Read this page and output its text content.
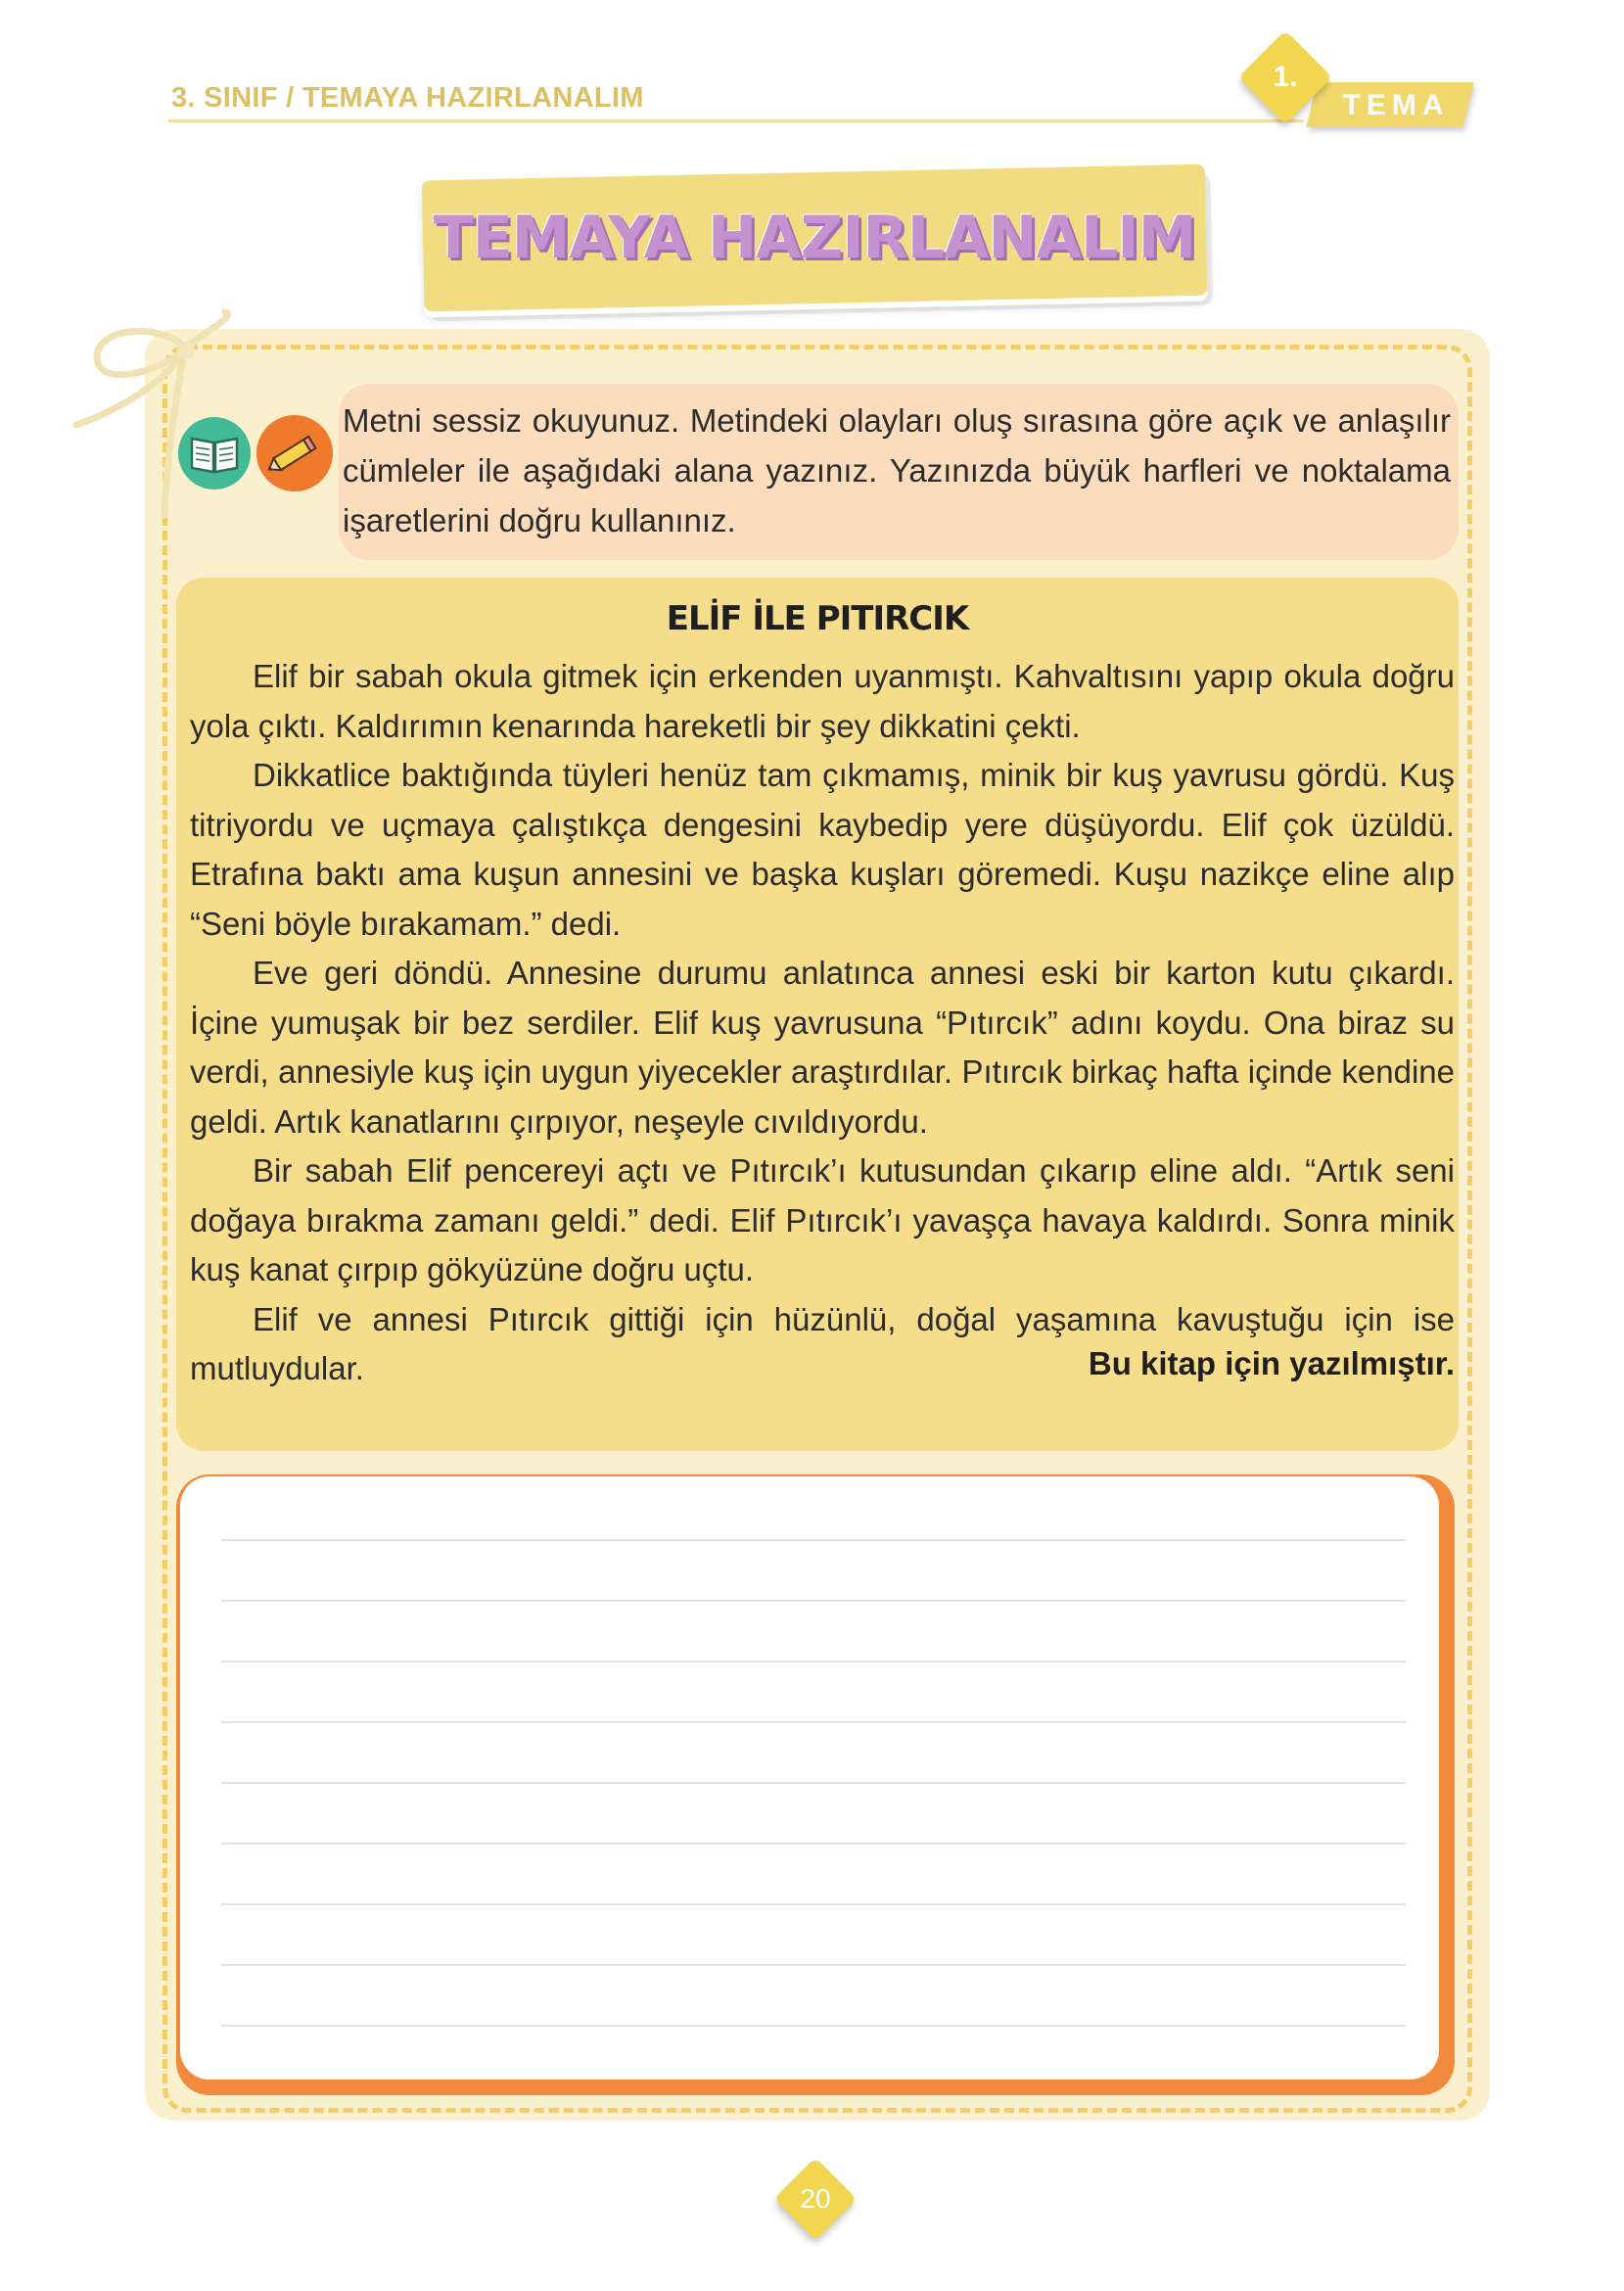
3. SINIF / TEMAYA HAZIRLANALIM	TEMA
1.
TEMAYA HAZIRLANALIM
Metni sessiz okuyunuz. Metindeki olayları oluş sırasına göre açık ve anlaşılır cümleler ile aşağıdaki alana yazınız. Yazınızda büyük harfleri ve noktalama işaretlerini doğru kullanınız.
ELİF İLE PITIRCIK

Elif bir sabah okula gitmek için erkenden uyanmıştı. Kahvaltısını yapıp okula doğru yola çıktı. Kaldırımın kenarında hareketli bir şey dikkatini çekti.

Dikkatlice baktığında tüyleri henüz tam çıkmamış, minik bir kuş yavrusu gördü. Kuş titriyordu ve uçmaya çalıştıkça dengesini kaybedip yere düşüyordu. Elif çok üzüldü. Etrafına baktı ama kuşun annesini ve başka kuşları göremedi. Kuşu nazikçe eline alıp “Seni böyle bırakamam.” dedi.

Eve geri döndü. Annesine durumu anlatınca annesi eski bir karton kutu çıkardı. İçine yumuşak bir bez serdiler. Elif kuş yavrusuna “Pıtırcık” adını koydu. Ona biraz su verdi, annesiyle kuş için uygun yiyecekler araştırdılar. Pıtırcık birkaç hafta içinde kendine geldi. Artık kanatlarını çırpıyor, neşeyle cıvıldıyordu.

Bir sabah Elif pencereyi açtı ve Pıtırcık’ı kutusundan çıkarıp eline aldı. “Artık seni doğaya bırakma zamanı geldi.” dedi. Elif Pıtırcık’ı yavaşça havaya kaldırdı. Sonra minik kuş kanat çırpıp gökyüzüne doğru uçtu.

Elif ve annesi Pıtırcık gittiği için hüzünlü, doğal yaşamına kavuştuğu için ise mutluydular.	Bu kitap için yazılmıştır.
20
